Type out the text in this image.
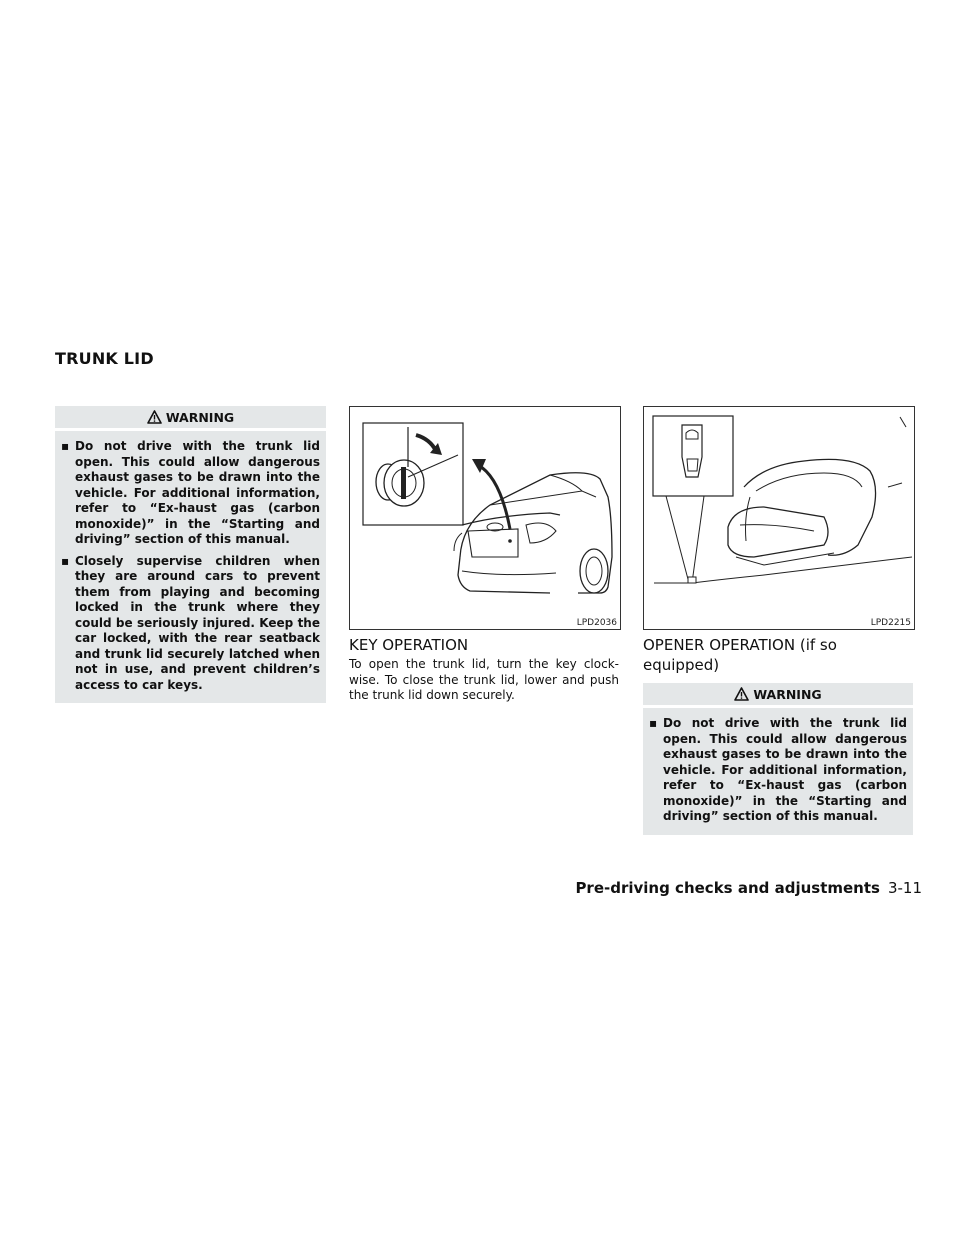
TRUNK LID
WARNING
▪ Do not drive with the trunk lid open. This could allow dangerous exhaust gases to be drawn into the vehicle. For additional information, refer to “Ex-haust gas (carbon monoxide)” in the “Starting and driving” section of this manual.
▪ Closely supervise children when they are around cars to prevent them from playing and becoming locked in the trunk where they could be seriously injured. Keep the car locked, with the rear seatback and trunk lid securely latched when not in use, and prevent children’s access to car keys.
LPD2036
KEY OPERATION
To open the trunk lid, turn the key clock-wise. To close the trunk lid, lower and push the trunk lid down securely.
LPD2215
OPENER OPERATION (if so equipped)
WARNING
▪ Do not drive with the trunk lid open. This could allow dangerous exhaust gases to be drawn into the vehicle. For additional information, refer to “Ex-haust gas (carbon monoxide)” in the “Starting and driving” section of this manual.
Pre-driving checks and adjustments 3-11
